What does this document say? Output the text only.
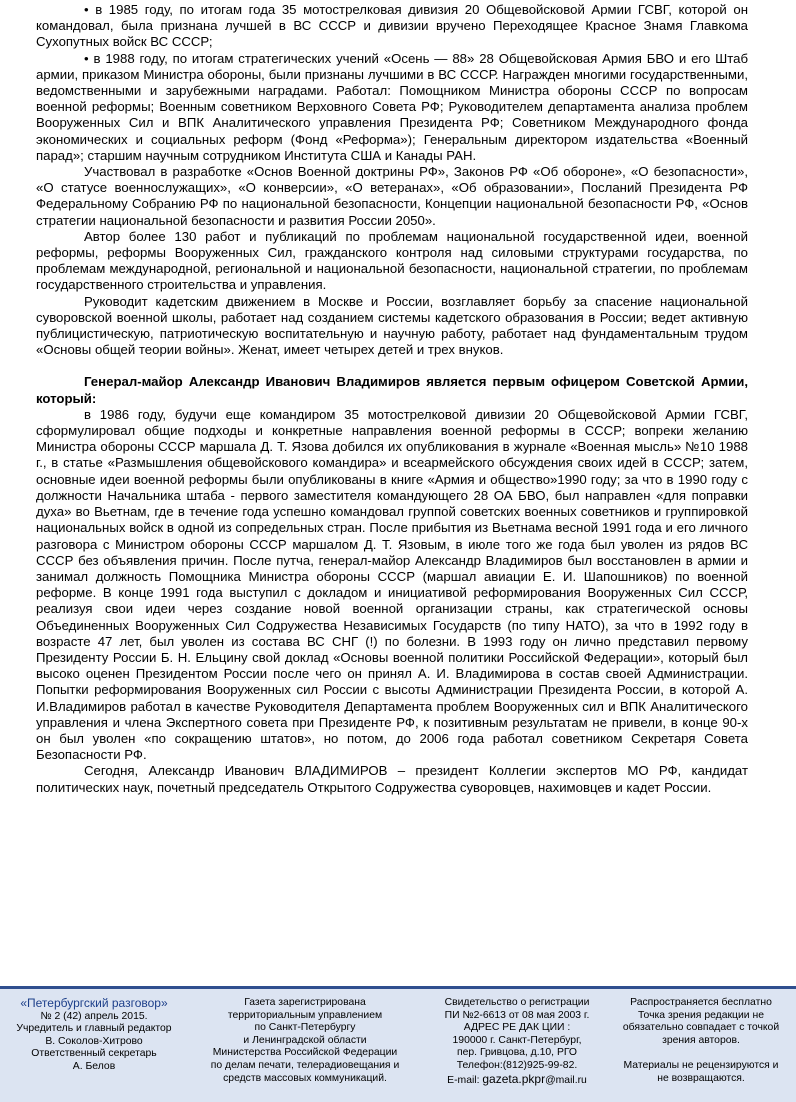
• в 1985 году, по итогам года 35 мотострелковая дивизия 20 Общевойсковой Армии ГСВГ, которой он командовал, была признана лучшей в ВС СССР и дивизии вручено Переходящее Красное Знамя Главкома Сухопутных войск ВС СССР;

• в 1988 году, по итогам стратегических учений «Осень — 88» 28 Общевойсковая Армия БВО и его Штаб армии, приказом Министра обороны, были признаны лучшими в ВС СССР. Награжден многими государственными, ведомственными и зарубежными наградами. Работал: Помощником Министра обороны СССР по вопросам военной реформы; Военным советником Верховного Совета РФ; Руководителем департамента анализа проблем Вооруженных Сил и ВПК Аналитического управления Президента РФ; Советником Международного фонда экономических и социальных реформ (Фонд «Реформа»); Генеральным директором издательства «Военный парад»; старшим научным сотрудником Института США и Канады РАН.

Участвовал в разработке «Основ Военной доктрины РФ», Законов РФ «Об обороне», «О безопасности», «О статусе военнослужащих», «О конверсии», «О ветеранах», «Об образовании», Посланий Президента РФ Федеральному Собранию РФ по национальной безопасности, Концепции национальной безопасности РФ, «Основ стратегии национальной безопасности и развития России 2050».

Автор более 130 работ и публикаций по проблемам национальной государственной идеи, военной реформы, реформы Вооруженных Сил, гражданского контроля над силовыми структурами государства, по проблемам международной, региональной и национальной безопасности, национальной стратегии, по проблемам государственного строительства и управления.

Руководит кадетским движением в Москве и России, возглавляет борьбу за спасение национальной суворовской военной школы, работает над созданием системы кадетского образования в России; ведет активную публицистическую, патриотическую воспитательную и научную работу, работает над фундаментальным трудом «Основы общей теории войны». Женат, имеет четырех детей и трех внуков.

Генерал-майор Александр Иванович Владимиров является первым офицером Советской Армии, который:

в 1986 году, будучи еще командиром 35 мотострелковой дивизии 20 Общевойсковой Армии ГСВГ, сформулировал общие подходы и конкретные направления военной реформы в СССР; вопреки желанию Министра обороны СССР маршала Д. Т. Язова добился их опубликования в журнале «Военная мысль» №10 1988 г., в статье «Размышления общевойскового командира» и всеармейского обсуждения своих идей в СССР; затем, основные идеи военной реформы были опубликованы в книге «Армия и общество»1990 году; за что в 1990 году с должности Начальника штаба - первого заместителя командующего 28 ОА БВО, был направлен «для поправки духа» во Вьетнам, где в течение года успешно командовал группой советских военных советников и группировкой национальных войск в одной из сопредельных стран. После прибытия из Вьетнама весной 1991 года и его личного разговора с Министром обороны СССР маршалом Д. Т. Язовым, в июле того же года был уволен из рядов ВС СССР без объявления причин. После путча, генерал-майор Александр Владимиров был восстановлен в армии и занимал должность Помощника Министра обороны СССР (маршал авиации Е. И. Шапошников) по военной реформе. В конце 1991 года выступил с докладом и инициативой реформирования Вооруженных Сил СССР, реализуя свои идеи через создание новой военной организации страны, как стратегической основы Объединенных Вооруженных Сил Содружества Независимых Государств (по типу НАТО), за что в 1992 году в возрасте 47 лет, был уволен из состава ВС СНГ (!) по болезни. В 1993 году он лично представил первому Президенту России Б. Н. Ельцину свой доклад «Основы военной политики Российской Федерации», который был высоко оценен Президентом России после чего он принял А. И. Владимирова в состав своей Администрации. Попытки реформирования Вооруженных сил России с высоты Администрации Президента России, в которой А. И.Владимиров работал в качестве Руководителя Департамента проблем Вооруженных сил и ВПК Аналитического управления и члена Экспертного совета при Президенте РФ, к позитивным результатам не привели, в конце 90-х он был уволен «по сокращению штатов», но потом, до 2006 года работал советником Секретаря Совета Безопасности РФ.

Сегодня, Александр Иванович ВЛАДИМИРОВ – президент Коллегии экспертов МО РФ, кандидат политических наук, почетный председатель Открытого Содружества суворовцев, нахимовцев и кадет России.

«Петербургский разговор»
№ 2 (42) апрель 2015.
Учредитель и главный редактор
В. Соколов-Хитрово
Ответственный секретарь
А. Белов
Газета зарегистрирована
территориальным управлением
по Санкт-Петербургу
и Ленинградской области
Министерства Российской Федерации
по делам печати, телерадиовещания и
средств массовых коммуникаций.
Свидетельство о регистрации
ПИ №2-6613 от 08 мая 2003 г.
АДРЕС РЕ ДАК ЦИИ :
190000 г. Санкт-Петербург,
пер. Гривцова, д.10, РГО
Телефон:(812)925-99-82.
E-mail: gazeta.pkpr@mail.ru
Распространяется бесплатно
Точка зрения редакции не
обязательно совпадает с точкой
зрения авторов.

Материалы не рецензируются и
не возвращаются.
